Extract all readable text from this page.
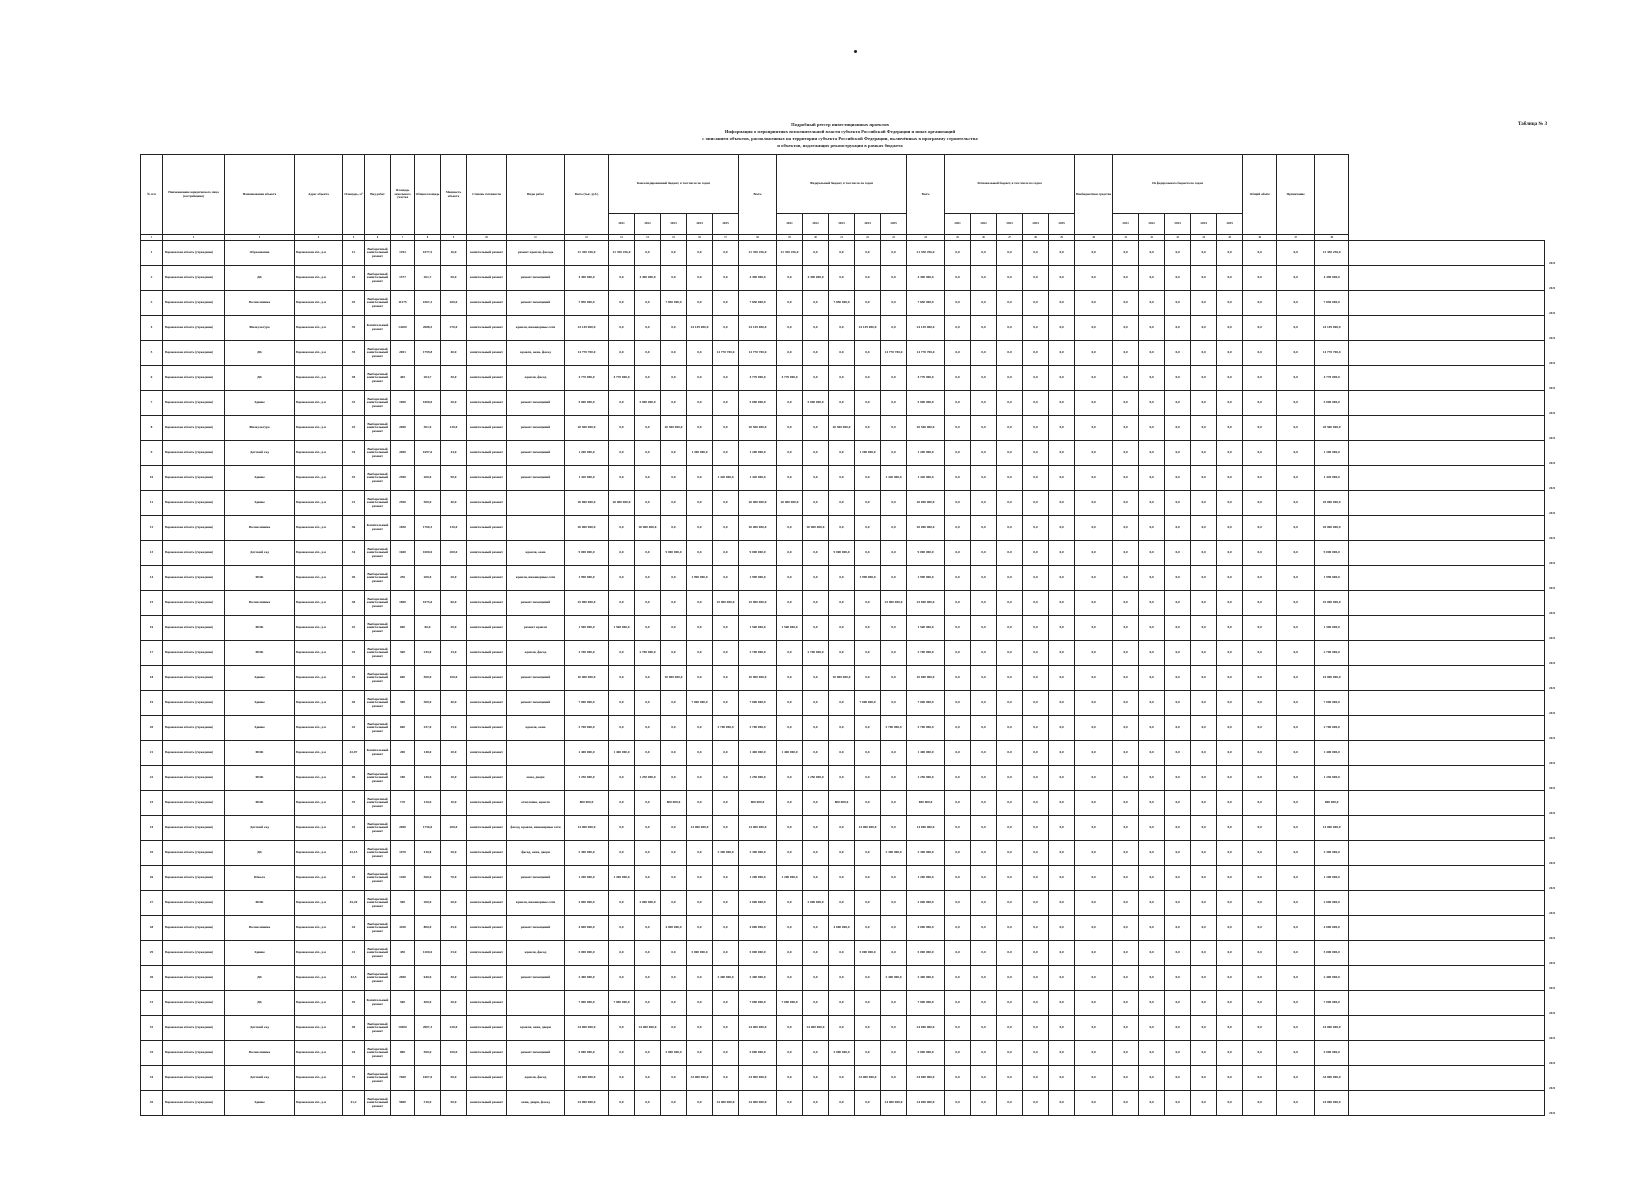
Подробный реестр инвестиционных проектов
Информация о мероприятиях исполнительной власти субъекта Российской Федерации и иных организаций
с описанием объектов, расположенных на территории субъекта Российской Федерации, включённых в программу строительства
и объектов, подлежащих реконструкции в рамках бюджета
Таблица № 3
№ п/п	Наименование юридического лица (застройщика)	Наименование объекта	Адрес объекта	Площадь, м²	Вид работ	Площадь земельного участка	Общая площадь	Мощность объекта	Степень готовности	Виды работ	Всего (тыс. руб.)	Консолидированный бюджет, в том числе по годам					Всего	Федеральный бюджет, в том числе по годам					Всего	Региональный бюджет, в том числе по годам					Внебюджетные средства	Из федерального бюджета по годам					Общий объём	Примечание		
												2021	2022	2023	2024	2025		2021	2022	2023	2024	2025		2021	2022	2023	2024	2025		2021	2022	2023	2024	2025				
1	2	3	4	5	6	7	8	9	10	11	12	13	14	15	16	17	18	19	20	21	22	23	24	25	26	27	28	29	30	31	32	33	34	35	36	37	38	
1	Воронежская область (учреждение)	Образование	Воронежская обл., р-н	12	Выборочный капитальный ремонт	1292	1077,5	16,0	капитальный ремонт	ремонт кровли, фасада	21 350 256,0	21 350 256,0	0,0	0,0	0,0	0,0	21 350 256,0	21 350 256,0	0,0	0,0	0,0	0,0	21 350 256,0	0,0	0,0	0,0	0,0	0,0	0,0	0,0	0,0	0,0	0,0	0,0	0,0	0,0	21 350 256,0	
2	Воронежская область (учреждение)	ДК	Воронежская обл., р-н	43	Выборочный капитальный ремонт	1577	261,7	50,0	капитальный ремонт	ремонт помещений	4 490 000,0	0,0	4 490 000,0	0,0	0,0	0,0	4 490 000,0	0,0	4 490 000,0	0,0	0,0	0,0	4 490 000,0	0,0	0,0	0,0	0,0	0,0	0,0	0,0	0,0	0,0	0,0	0,0	0,0	0,0	4 490 000,0	
3	Воронежская область (учреждение)	Поликлиника	Воронежская обл., р-н	45	Выборочный капитальный ремонт	11275	1067,2	200,0	капитальный ремонт	ремонт помещений	7 850 000,0	0,0	0,0	7 850 000,0	0,0	0,0	7 850 000,0	0,0	0,0	7 850 000,0	0,0	0,0	7 850 000,0	0,0	0,0	0,0	0,0	0,0	0,0	0,0	0,0	0,0	0,0	0,0	0,0	0,0	7 850 000,0	
4	Воронежская область (учреждение)	Физкультура	Воронежская обл., р-н	35	Капитальный ремонт	14200	2088,5	270,0	капитальный ремонт	кровля, инженерные сети	24 149 000,0	0,0	0,0	0,0	24 149 000,0	0,0	24 149 000,0	0,0	0,0	0,0	24 149 000,0	0,0	24 149 000,0	0,0	0,0	0,0	0,0	0,0	0,0	0,0	0,0	0,0	0,0	0,0	0,0	0,0	24 149 000,0	
5	Воронежская область (учреждение)	ДК	Воронежская обл., р-н	35	Выборочный капитальный ремонт	2001	1799,8	40,0	капитальный ремонт	кровля, окна, фасад	14 770 700,0	0,0	0,0	0,0	0,0	14 770 700,0	14 770 700,0	0,0	0,0	0,0	0,0	14 770 700,0	14 770 700,0	0,0	0,0	0,0	0,0	0,0	0,0	0,0	0,0	0,0	0,0	0,0	0,0	0,0	14 770 700,0	
6	Воронежская область (учреждение)	ДК	Воронежская обл., р-н	38	Выборочный капитальный ремонт	465	204,7	30,0	капитальный ремонт	кровля, фасад	4 770 000,0	4 770 000,0	0,0	0,0	0,0	0,0	4 770 000,0	4 770 000,0	0,0	0,0	0,0	0,0	4 770 000,0	0,0	0,0	0,0	0,0	0,0	0,0	0,0	0,0	0,0	0,0	0,0	0,0	0,0	4 770 000,0	
7	Воронежская область (учреждение)	Здание	Воронежская обл., р-н	32	Выборочный капитальный ремонт	1000	1000,0	20,0	капитальный ремонт	ремонт помещений	5 000 000,0	0,0	5 000 000,0	0,0	0,0	0,0	5 000 000,0	0,0	5 000 000,0	0,0	0,0	0,0	5 000 000,0	0,0	0,0	0,0	0,0	0,0	0,0	0,0	0,0	0,0	0,0	0,0	0,0	0,0	5 000 000,0	
8	Воронежская область (учреждение)	Физкультура	Воронежская обл., р-н	43	Выборочный капитальный ремонт	2000	301,0	120,0	капитальный ремонт	ремонт помещений	20 500 000,0	0,0	0,0	20 500 000,0	0,0	0,0	20 500 000,0	0,0	0,0	20 500 000,0	0,0	0,0	20 500 000,0	0,0	0,0	0,0	0,0	0,0	0,0	0,0	0,0	0,0	0,0	0,0	0,0	0,0	20 500 000,0	
9	Воронежская область (учреждение)	Детский сад	Воронежская обл., р-н	34	Выборочный капитальный ремонт	2000	1697,6	44,0	капитальный ремонт	ремонт помещений	1 200 000,0	0,0	0,0	0,0	1 200 000,0	0,0	1 200 000,0	0,0	0,0	0,0	1 200 000,0	0,0	1 200 000,0	0,0	0,0	0,0	0,0	0,0	0,0	0,0	0,0	0,0	0,0	0,0	0,0	0,0	1 200 000,0	
10	Воронежская область (учреждение)	Здание	Воронежская обл., р-н	35	Выборочный капитальный ремонт	2500	200,0	90,0	капитальный ремонт	ремонт помещений	1 420 000,0	0,0	0,0	0,0	0,0	1 420 000,0	1 420 000,0	0,0	0,0	0,0	0,0	1 420 000,0	1 420 000,0	0,0	0,0	0,0	0,0	0,0	0,0	0,0	0,0	0,0	0,0	0,0	0,0	0,0	1 420 000,0	
11	Воронежская область (учреждение)	Здание	Воронежская обл., р-н	41	Выборочный капитальный ремонт	2500	500,0	40,0	капитальный ремонт		20 000 000,0	20 000 000,0	0,0	0,0	0,0	0,0	20 000 000,0	20 000 000,0	0,0	0,0	0,0	0,0	20 000 000,0	0,0	0,0	0,0	0,0	0,0	0,0	0,0	0,0	0,0	0,0	0,0	0,0	0,0	20 000 000,0	
12	Воронежская область (учреждение)	Поликлиника	Воронежская обл., р-н	36	Капитальный ремонт	1850	1700,3	120,0	капитальный ремонт		20 000 000,0	0,0	20 000 000,0	0,0	0,0	0,0	20 000 000,0	0,0	20 000 000,0	0,0	0,0	0,0	20 000 000,0	0,0	0,0	0,0	0,0	0,0	0,0	0,0	0,0	0,0	0,0	0,0	0,0	0,0	20 000 000,0	
13	Воронежская область (учреждение)	Детский сад	Воронежская обл., р-н	34	Выборочный капитальный ремонт	1600	1000,0	200,0	капитальный ремонт	кровля, окна	9 000 000,0	0,0	0,0	9 000 000,0	0,0	0,0	9 000 000,0	0,0	0,0	9 000 000,0	0,0	0,0	9 000 000,0	0,0	0,0	0,0	0,0	0,0	0,0	0,0	0,0	0,0	0,0	0,0	0,0	0,0	9 000 000,0	
14	Воронежская область (учреждение)	ФОК	Воронежская обл., р-н	40	Выборочный капитальный ремонт	250	200,0	20,0	капитальный ремонт	кровля, инженерные сети	1 990 000,0	0,0	0,0	0,0	1 990 000,0	0,0	1 990 000,0	0,0	0,0	0,0	1 990 000,0	0,0	1 990 000,0	0,0	0,0	0,0	0,0	0,0	0,0	0,0	0,0	0,0	0,0	0,0	0,0	0,0	1 990 000,0	
15	Воронежская область (учреждение)	Поликлиника	Воронежская обл., р-н	38	Выборочный капитальный ремонт	1800	1075,0	60,0	капитальный ремонт	ремонт помещений	25 000 000,0	0,0	0,0	0,0	0,0	25 000 000,0	25 000 000,0	0,0	0,0	0,0	0,0	25 000 000,0	25 000 000,0	0,0	0,0	0,0	0,0	0,0	0,0	0,0	0,0	0,0	0,0	0,0	0,0	0,0	25 000 000,0	
16	Воронежская область (учреждение)	ФОК	Воронежская обл., р-н	42	Выборочный капитальный ремонт	600	60,0	20,0	капитальный ремонт	ремонт кровли	1 500 000,0	1 500 000,0	0,0	0,0	0,0	0,0	1 500 000,0	1 500 000,0	0,0	0,0	0,0	0,0	1 500 000,0	0,0	0,0	0,0	0,0	0,0	0,0	0,0	0,0	0,0	0,0	0,0	0,0	0,0	1 500 000,0	
17	Воронежская область (учреждение)	ФОК	Воронежская обл., р-н	43	Выборочный капитальный ремонт	500	245,0	15,0	капитальный ремонт	кровля, фасад	2 700 000,0	0,0	2 700 000,0	0,0	0,0	0,0	2 700 000,0	0,0	2 700 000,0	0,0	0,0	0,0	2 700 000,0	0,0	0,0	0,0	0,0	0,0	0,0	0,0	0,0	0,0	0,0	0,0	0,0	0,0	2 700 000,0	
18	Воронежская область (учреждение)	Здание	Воронежская обл., р-н	35	Выборочный капитальный ремонт	600	500,0	100,0	капитальный ремонт	ремонт помещений	10 000 000,0	0,0	0,0	10 000 000,0	0,0	0,0	10 000 000,0	0,0	0,0	10 000 000,0	0,0	0,0	10 000 000,0	0,0	0,0	0,0	0,0	0,0	0,0	0,0	0,0	0,0	0,0	0,0	0,0	0,0	10 000 000,0	
19	Воронежская область (учреждение)	Здание	Воронежская обл., р-н	40	Выборочный капитальный ремонт	500	300,0	40,0	капитальный ремонт	ремонт помещений	7 000 000,0	0,0	0,0	0,0	7 000 000,0	0,0	7 000 000,0	0,0	0,0	0,0	7 000 000,0	0,0	7 000 000,0	0,0	0,0	0,0	0,0	0,0	0,0	0,0	0,0	0,0	0,0	0,0	0,0	0,0	7 000 000,0	
20	Воронежская область (учреждение)	Здание	Воронежская обл., р-н	42	Выборочный капитальный ремонт	600	257,0	15,0	капитальный ремонт	кровля, окна	2 700 000,0	0,0	0,0	0,0	0,0	2 700 000,0	2 700 000,0	0,0	0,0	0,0	0,0	2 700 000,0	2 700 000,0	0,0	0,0	0,0	0,0	0,0	0,0	0,0	0,0	0,0	0,0	0,0	0,0	0,0	2 700 000,0	
21	Воронежская область (учреждение)	ФОК	Воронежская обл., р-н	42,07	Капитальный ремонт	200	148,0	20,0	капитальный ремонт		1 400 000,0	1 400 000,0	0,0	0,0	0,0	0,0	1 400 000,0	1 400 000,0	0,0	0,0	0,0	0,0	1 400 000,0	0,0	0,0	0,0	0,0	0,0	0,0	0,0	0,0	0,0	0,0	0,0	0,0	0,0	1 400 000,0	
22	Воронежская область (учреждение)	ФОК	Воронежская обл., р-н	40	Выборочный капитальный ремонт	180	140,0	10,0	капитальный ремонт	окна, двери	1 250 000,0	0,0	1 250 000,0	0,0	0,0	0,0	1 250 000,0	0,0	1 250 000,0	0,0	0,0	0,0	1 250 000,0	0,0	0,0	0,0	0,0	0,0	0,0	0,0	0,0	0,0	0,0	0,0	0,0	0,0	1 250 000,0	
23	Воронежская область (учреждение)	ФОК	Воронежская обл., р-н	35	Выборочный капитальный ремонт	170	120,0	10,0	капитальный ремонт	отопление, кровля	800 000,0	0,0	0,0	800 000,0	0,0	0,0	800 000,0	0,0	0,0	800 000,0	0,0	0,0	800 000,0	0,0	0,0	0,0	0,0	0,0	0,0	0,0	0,0	0,0	0,0	0,0	0,0	0,0	800 000,0	
24	Воронежская область (учреждение)	Детский сад	Воронежская обл., р-н	42	Выборочный капитальный ремонт	2000	1750,0	200,0	капитальный ремонт	фасад, кровля, инженерные сети	14 000 000,0	0,0	0,0	0,0	14 000 000,0	0,0	14 000 000,0	0,0	0,0	0,0	14 000 000,0	0,0	14 000 000,0	0,0	0,0	0,0	0,0	0,0	0,0	0,0	0,0	0,0	0,0	0,0	0,0	0,0	14 000 000,0	
25	Воронежская область (учреждение)	ДК	Воронежская обл., р-н	42,15	Выборочный капитальный ремонт	1070	410,0	20,0	капитальный ремонт	фасад, окна, двери	2 300 000,0	0,0	0,0	0,0	0,0	2 300 000,0	2 300 000,0	0,0	0,0	0,0	0,0	2 300 000,0	2 300 000,0	0,0	0,0	0,0	0,0	0,0	0,0	0,0	0,0	0,0	0,0	0,0	0,0	0,0	2 300 000,0	
26	Воронежская область (учреждение)	Школа	Воронежская обл., р-н	43	Выборочный капитальный ремонт	1200	560,0	70,0	капитальный ремонт	ремонт помещений	1 200 000,0	1 200 000,0	0,0	0,0	0,0	0,0	1 200 000,0	1 200 000,0	0,0	0,0	0,0	0,0	1 200 000,0	0,0	0,0	0,0	0,0	0,0	0,0	0,0	0,0	0,0	0,0	0,0	0,0	0,0	1 200 000,0	
27	Воронежская область (учреждение)	ФОК	Воронежская обл., р-н	45,20	Выборочный капитальный ремонт	500	200,0	20,0	капитальный ремонт	кровля, инженерные сети	2 000 000,0	0,0	2 000 000,0	0,0	0,0	0,0	2 000 000,0	0,0	2 000 000,0	0,0	0,0	0,0	2 000 000,0	0,0	0,0	0,0	0,0	0,0	0,0	0,0	0,0	0,0	0,0	0,0	0,0	0,0	2 000 000,0	
28	Воронежская область (учреждение)	Поликлиника	Воронежская обл., р-н	44	Выборочный капитальный ремонт	3450	800,0	45,0	капитальный ремонт	ремонт помещений	4 000 000,0	0,0	0,0	4 000 000,0	0,0	0,0	4 000 000,0	0,0	0,0	4 000 000,0	0,0	0,0	4 000 000,0	0,0	0,0	0,0	0,0	0,0	0,0	0,0	0,0	0,0	0,0	0,0	0,0	0,0	4 000 000,0	
29	Воронежская область (учреждение)	Здание	Воронежская обл., р-н	41	Выборочный капитальный ремонт	450	1200,0	25,0	капитальный ремонт	кровля, фасад	5 000 000,0	0,0	0,0	0,0	5 000 000,0	0,0	5 000 000,0	0,0	0,0	0,0	5 000 000,0	0,0	5 000 000,0	0,0	0,0	0,0	0,0	0,0	0,0	0,0	0,0	0,0	0,0	0,0	0,0	0,0	5 000 000,0	
30	Воронежская область (учреждение)	ДК	Воронежская обл., р-н	42,5	Выборочный капитальный ремонт	2000	640,0	30,0	капитальный ремонт	ремонт помещений	2 400 000,0	0,0	0,0	0,0	0,0	2 400 000,0	2 400 000,0	0,0	0,0	0,0	0,0	2 400 000,0	2 400 000,0	0,0	0,0	0,0	0,0	0,0	0,0	0,0	0,0	0,0	0,0	0,0	0,0	0,0	2 400 000,0	
31	Воронежская область (учреждение)	ДК	Воронежская обл., р-н	45	Капитальный ремонт	500	400,0	20,0	капитальный ремонт		7 000 000,0	7 000 000,0	0,0	0,0	0,0	0,0	7 000 000,0	7 000 000,0	0,0	0,0	0,0	0,0	7 000 000,0	0,0	0,0	0,0	0,0	0,0	0,0	0,0	0,0	0,0	0,0	0,0	0,0	0,0	7 000 000,0	
32	Воронежская область (учреждение)	Детский сад	Воронежская обл., р-н	40	Выборочный капитальный ремонт	10400	2007,3	220,0	капитальный ремонт	кровля, окна, двери	24 000 000,0	0,0	24 000 000,0	0,0	0,0	0,0	24 000 000,0	0,0	24 000 000,0	0,0	0,0	0,0	24 000 000,0	0,0	0,0	0,0	0,0	0,0	0,0	0,0	0,0	0,0	0,0	0,0	0,0	0,0	24 000 000,0	
33	Воронежская область (учреждение)	Поликлиника	Воронежская обл., р-н	44	Выборочный капитальный ремонт	800	500,0	100,0	капитальный ремонт	ремонт помещений	5 000 000,0	0,0	0,0	5 000 000,0	0,0	0,0	5 000 000,0	0,0	0,0	5 000 000,0	0,0	0,0	5 000 000,0	0,0	0,0	0,0	0,0	0,0	0,0	0,0	0,0	0,0	0,0	0,0	0,0	0,0	5 000 000,0	
34	Воронежская область (учреждение)	Детский сад	Воронежская обл., р-н	75	Выборочный капитальный ремонт	7600	1607,0	50,0	капитальный ремонт	кровля, фасад	34 000 000,0	0,0	0,0	0,0	34 000 000,0	0,0	34 000 000,0	0,0	0,0	0,0	34 000 000,0	0,0	34 000 000,0	0,0	0,0	0,0	0,0	0,0	0,0	0,0	0,0	0,0	0,0	0,0	0,0	0,0	34 000 000,0	
35	Воронежская область (учреждение)	Здание	Воронежская обл., р-н	41,2	Выборочный капитальный ремонт	5800	310,0	50,0	капитальный ремонт	окна, двери, фасад	24 000 000,0	0,0	0,0	0,0	0,0	24 000 000,0	24 000 000,0	0,0	0,0	0,0	0,0	24 000 000,0	24 000 000,0	0,0	0,0	0,0	0,0	0,0	0,0	0,0	0,0	0,0	0,0	0,0	0,0	0,0	24 000 000,0	
2021
2021
2021
2021
2021
2021
2021
2021
2021
2021
2021
2021
2021
2021
2021
2021
2021
2021
2021
2021
2021
2021
2021
2021
2021
2021
2021
2021
2021
2021
2021
2021
2021
2021
2021
